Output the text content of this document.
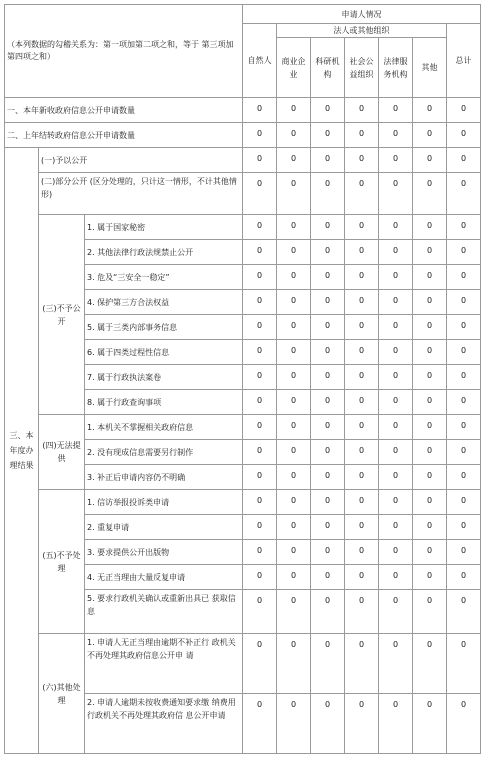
（本列数据的勾稽关系为：第一项加第二项之和，等于 第三项加第四项之和）			申请人情况						
			自然人	法人或其他组织					总计
				商业企业	科研机构	社会公益组织	法律服务机构	其他	
一、本年新收政府信息公开申请数量			0	0	0	0	0	0	0
二、上年结转政府信息公开申请数量			0	0	0	0	0	0	0
三、本年度办理结果	(一)予以公开		0	0	0	0	0	0	0
	(二)部分公开 (区分处理的，只计这一情形，不计其他情形)		0	0	0	0	0	0	0
	(三)不予公开	1. 属于国家秘密	0	0	0	0	0	0	0
		2. 其他法律行政法规禁止公开	0	0	0	0	0	0	0
		3. 危及“三安全一稳定”	0	0	0	0	0	0	0
		4. 保护第三方合法权益	0	0	0	0	0	0	0
		5. 属于三类内部事务信息	0	0	0	0	0	0	0
		6. 属于四类过程性信息	0	0	0	0	0	0	0
		7. 属于行政执法案卷	0	0	0	0	0	0	0
		8. 属于行政查询事项	0	0	0	0	0	0	0
	(四)无法提供	1. 本机关不掌握相关政府信息	0	0	0	0	0	0	0
		2. 没有现成信息需要另行制作	0	0	0	0	0	0	0
		3. 补正后申请内容仍不明确	0	0	0	0	0	0	0
	(五)不予处理	1. 信访举报投诉类申请	0	0	0	0	0	0	0
		2. 重复申请	0	0	0	0	0	0	0
		3. 要求提供公开出版物	0	0	0	0	0	0	0
		4. 无正当理由大量反复申请	0	0	0	0	0	0	0
		5. 要求行政机关确认或重新出具已 获取信息	0	0	0	0	0	0	0
	(六)其他处理	1. 申请人无正当理由逾期不补正行 政机关不再处理其政府信息公开申 请	0	0	0	0	0	0	0
		2. 申请人逾期未按收费通知要求缴 纳费用行政机关不再处理其政府信 息公开申请	0	0	0	0	0	0	0
